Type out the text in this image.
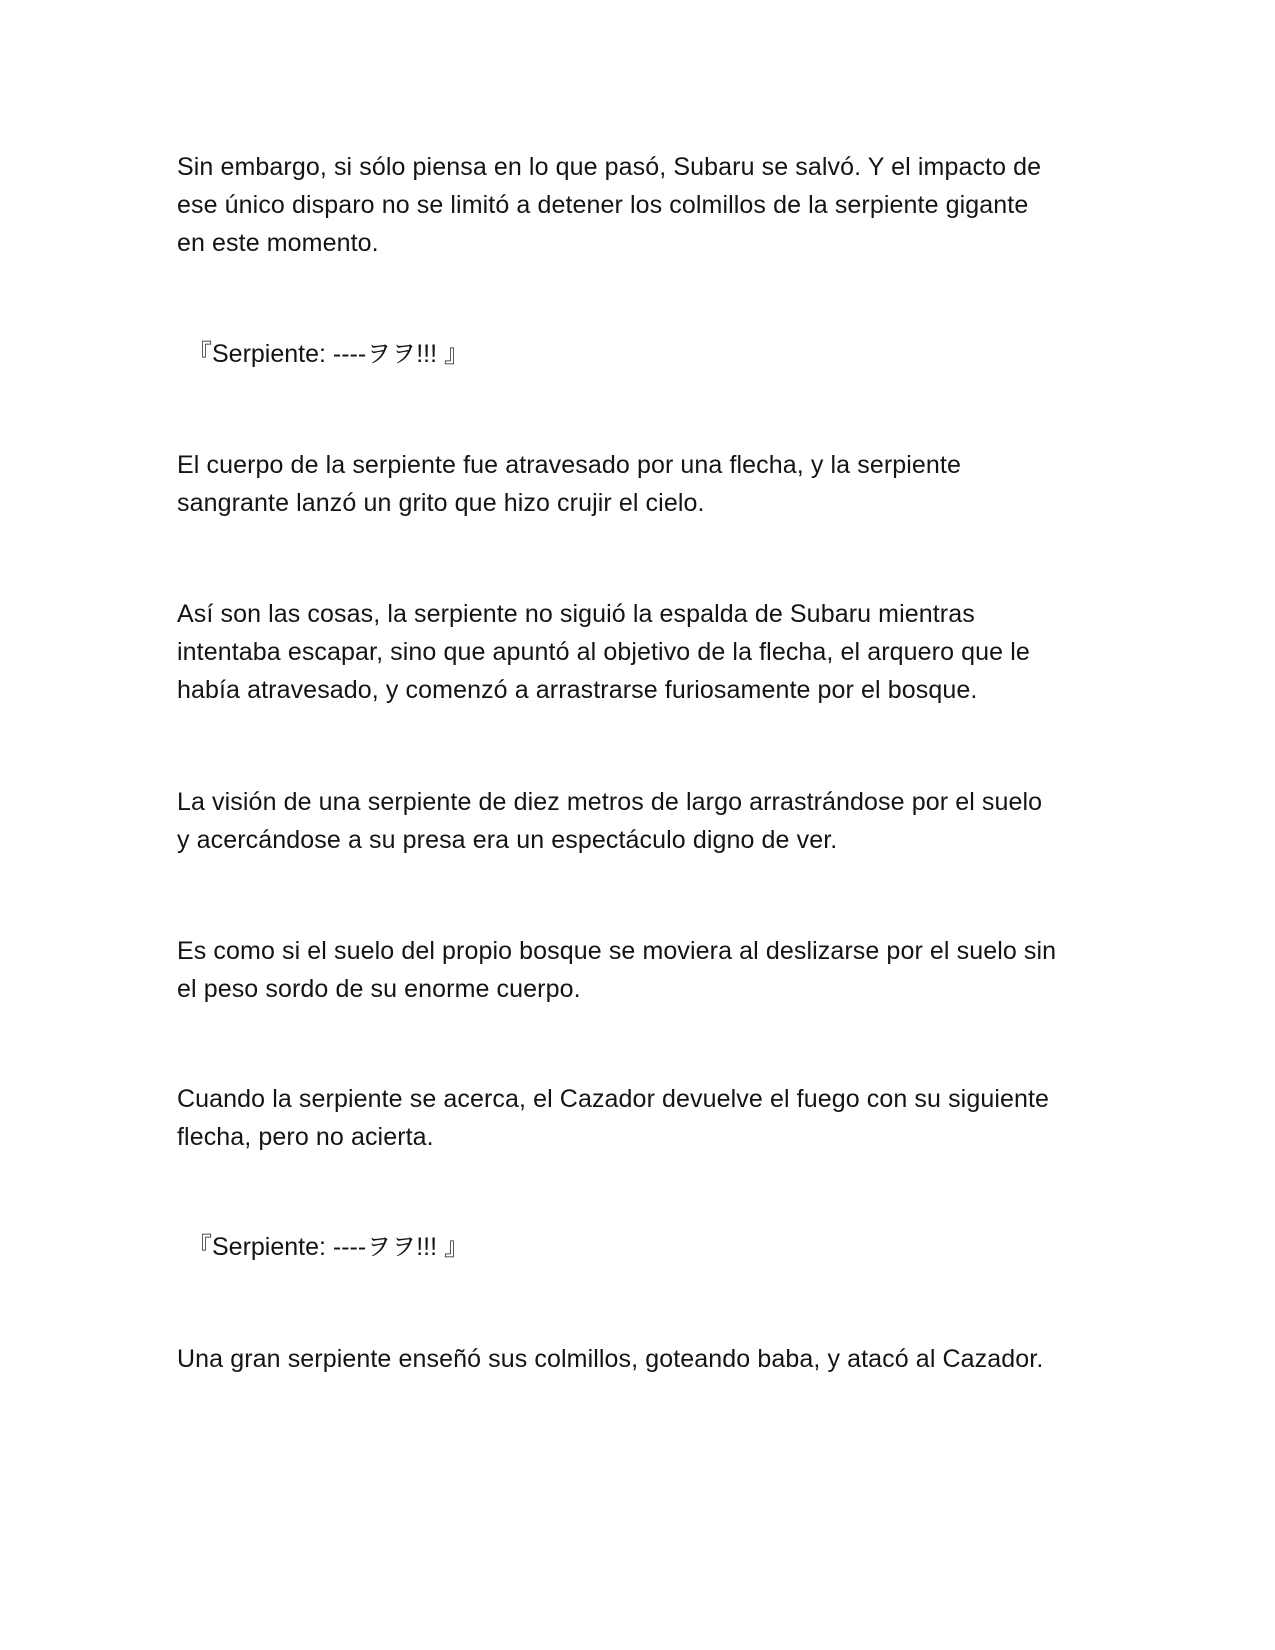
Sin embargo, si sólo piensa en lo que pasó, Subaru se salvó. Y el impacto de
ese único disparo no se limitó a detener los colmillos de la serpiente gigante
en este momento.

『Serpiente: ----ヲヲ!!! 』

El cuerpo de la serpiente fue atravesado por una flecha, y la serpiente
sangrante lanzó un grito que hizo crujir el cielo.

Así son las cosas, la serpiente no siguió la espalda de Subaru mientras
intentaba escapar, sino que apuntó al objetivo de la flecha, el arquero que le
había atravesado, y comenzó a arrastrarse furiosamente por el bosque.

La visión de una serpiente de diez metros de largo arrastrándose por el suelo
y acercándose a su presa era un espectáculo digno de ver.

Es como si el suelo del propio bosque se moviera al deslizarse por el suelo sin
el peso sordo de su enorme cuerpo.

Cuando la serpiente se acerca, el Cazador devuelve el fuego con su siguiente
flecha, pero no acierta.

『Serpiente: ----ヲヲ!!! 』

Una gran serpiente enseñó sus colmillos, goteando baba, y atacó al Cazador.
